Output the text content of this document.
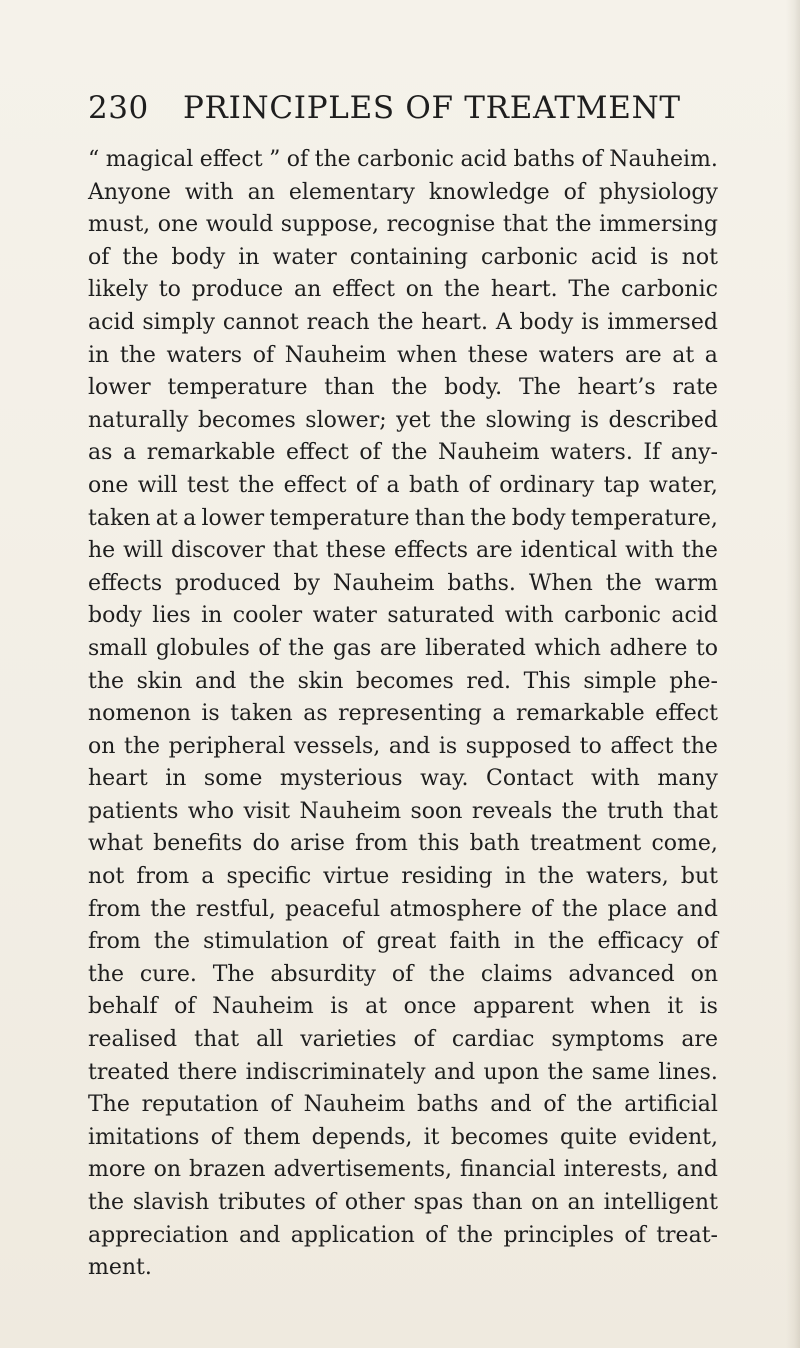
230	PRINCIPLES OF TREATMENT
“ magical effect ” of the carbonic acid baths of Nauheim.
Anyone with an elementary knowledge of physiology
must, one would suppose, recognise that the immersing
of the body in water containing carbonic acid is not
likely to produce an effect on the heart. The carbonic
acid simply cannot reach the heart. A body is immersed
in the waters of Nauheim when these waters are at a
lower temperature than the body. The heart’s rate
naturally becomes slower; yet the slowing is described
as a remarkable effect of the Nauheim waters. If any-
one will test the effect of a bath of ordinary tap water,
taken at a lower temperature than the body temperature,
he will discover that these effects are identical with the
effects produced by Nauheim baths. When the warm
body lies in cooler water saturated with carbonic acid
small globules of the gas are liberated which adhere to
the skin and the skin becomes red. This simple phe-
nomenon is taken as representing a remarkable effect
on the peripheral vessels, and is supposed to affect the
heart in some mysterious way. Contact with many
patients who visit Nauheim soon reveals the truth that
what benefits do arise from this bath treatment come,
not from a specific virtue residing in the waters, but
from the restful, peaceful atmosphere of the place and
from the stimulation of great faith in the efficacy of
the cure. The absurdity of the claims advanced on
behalf of Nauheim is at once apparent when it is
realised that all varieties of cardiac symptoms are
treated there indiscriminately and upon the same lines.
The reputation of Nauheim baths and of the artificial
imitations of them depends, it becomes quite evident,
more on brazen advertisements, financial interests, and
the slavish tributes of other spas than on an intelligent
appreciation and application of the principles of treat-
ment.
